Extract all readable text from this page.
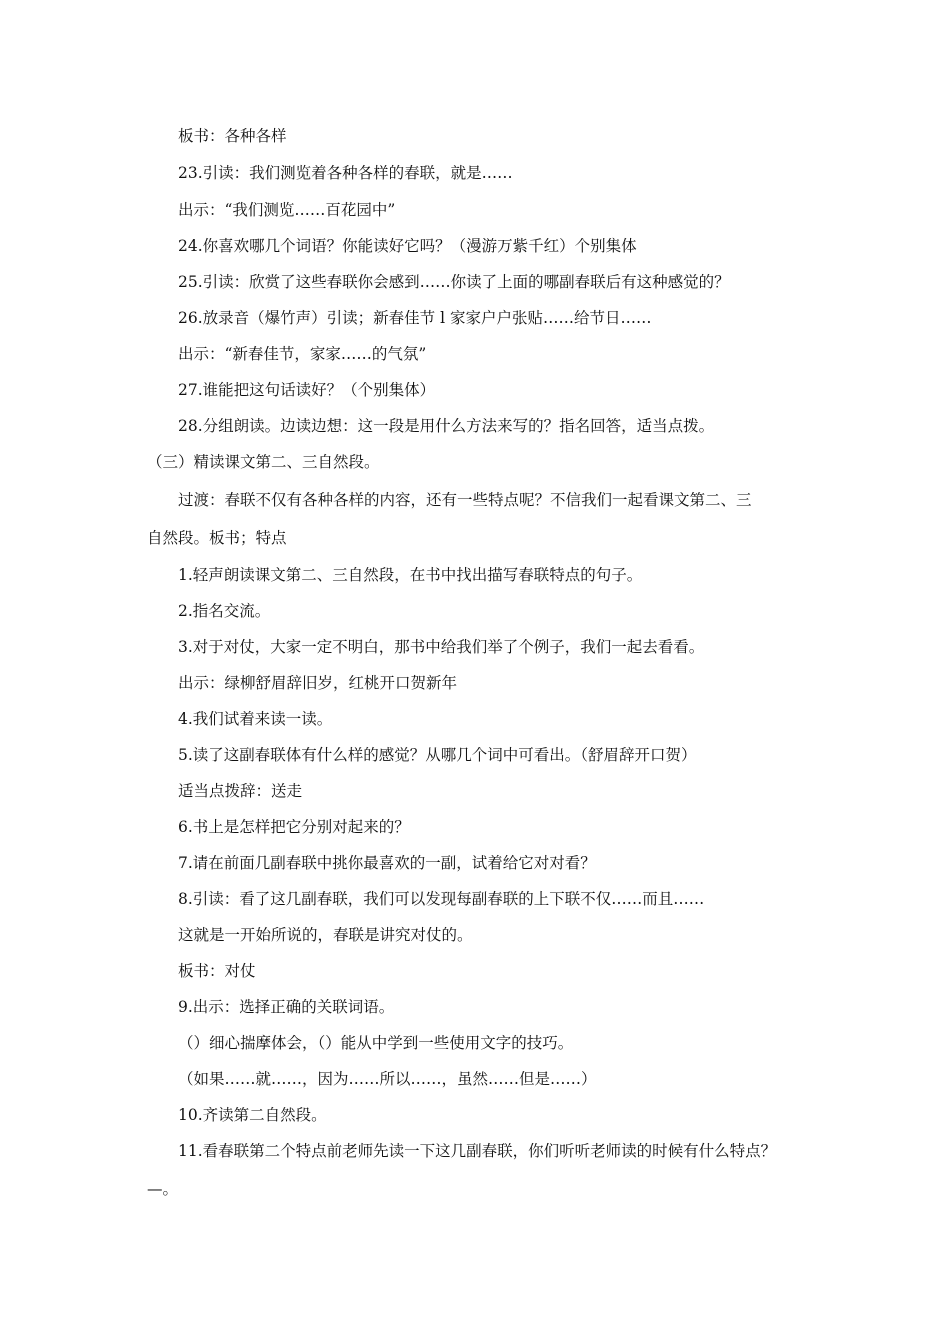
板书：各种各样
23.引读：我们测览着各种各样的春联，就是……
出示：“我们测览……百花园中”
24.你喜欢哪几个词语？你能读好它吗？（漫游万紫千红）个别集体
25.引读：欣赏了这些春联你会感到……你读了上面的哪副春联后有这种感觉的？
26.放录音（爆竹声）引读；新春佳节 l 家家户户张贴……给节日……
出示：“新春佳节，家家……的气氛”
27.谁能把这句话读好？（个别集体）
28.分组朗读。边读边想：这一段是用什么方法来写的？指名回答，适当点拨。
（三）精读课文第二、三自然段。
过渡：春联不仅有各种各样的内容，还有一些特点呢？不信我们一起看课文第二、三
自然段。板书；特点
1.轻声朗读课文第二、三自然段，在书中找出描写春联特点的句子。
2.指名交流。
3.对于对仗，大家一定不明白，那书中给我们举了个例子，我们一起去看看。
出示：绿柳舒眉辞旧岁，红桃开口贺新年
4.我们试着来读一读。
5.读了这副春联体有什么样的感觉？从哪几个词中可看出。（舒眉辞开口贺）
适当点拨辞：送走
6.书上是怎样把它分别对起来的？
7.请在前面几副春联中挑你最喜欢的一副，试着给它对对看？
8.引读：看了这几副春联，我们可以发现每副春联的上下联不仅……而且……
这就是一开始所说的，春联是讲究对仗的。
板书：对仗
9.出示：选择正确的关联词语。
（）细心揣摩体会，（）能从中学到一些使用文字的技巧。
（如果……就……，因为……所以……，虽然……但是……）
10.齐读第二自然段。
11.看春联第二个特点前老师先读一下这几副春联，你们听听老师读的时候有什么特点？
—。
